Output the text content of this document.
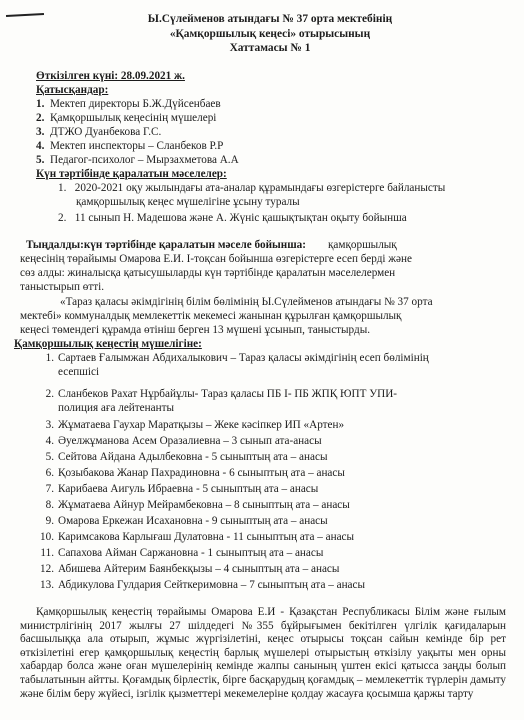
Ы.Сүлейменов атындағы № 37 орта мектебінің
«Қамқоршылық кеңесі» отырысының
Хаттамасы № 1
Өткізілген күні: 28.09.2021 ж.
Қатысқандар:
1. Мектеп директоры Б.Ж.Дүйсенбаев
2. Қамқоршылық кеңесінің мүшелері
3. ДТЖО Дуанбекова Г.С.
4. Мектеп инспекторы – Сланбеков Р.Р
5. Педагог-психолог – Мырзахметова А.А
Күн тәртібінде қаралатын мәселелер:
1. 2020-2021 оқу жылындағы ата-аналар құрамындағы өзгерістерге байланысты
қамқоршылық кеңес мүшелігіне ұсыну туралы
2. 11 сынып Н. Мадешова және А. Жүніс қашықтықтан оқыту бойынша
Тыңдалды:күн тәртібінде қаралатын мәселе бойынша: қамқоршылық
кеңесінің төрайымы Омарова Е.И. І-тоқсан бойынша өзгерістерге есеп берді және
сөз алды: жиналысқа қатысушыларды күн тәртібінде қаралатын мәселелермен
таныстырып өтті.
«Тараз қаласы әкімдігінің білім бөлімінің Ы.Сүлейменов атындағы № 37 орта
мектебі» коммуналдық мемлекеттік мекемесі жанынан құрылған қамқоршылық
кеңесі төмендегі құрамда өтініш берген 13 мүшені ұсынып, таныстырды.
Қамқоршылық кеңестің мүшелігіне:
1. Сартаев Ғалымжан Абдихалыкович – Тараз қаласы әкімдігінің есеп бөлімінің
есепшісі
2. Сланбеков Рахат Нұрбайұлы- Тараз қаласы ПБ І- ПБ ЖПҚ ЮПТ УПИ-
полиция аға лейтенанты
3. Жұматаева Гаухар Маратқызы – Жеке кәсіпкер ИП «Артен»
4. Әуелжұманова Асем Оразалиевна – 3 сынып ата-анасы
5. Сейтова Айдана Адылбековна - 5 сыныптың ата – анасы
6. Қозыбакова Жанар Пахрадиновна - 6 сыныптың ата – анасы
7. Карибаева Аигуль Ибраевна - 5 сыныптың ата – анасы
8. Жұматаева Айнур Мейрамбековна – 8 сыныптың ата – анасы
9. Омарова Еркежан Исахановна - 9 сыныптың ата – анасы
10. Каримсакова Карлығаш Дулатовна - 11 сыныптың ата – анасы
11. Сапахова Айман Саржановна - 1 сыныптың ата – анасы
12. Абишева Айтерим Баянбекқызы – 4 сыныптың ата – анасы
13. Абдикулова Гулдария Сейткеримовна – 7 сыныптың ата – анасы
Қамқоршылық кеңестің төрайымы Омарова Е.И - Қазақстан Республикасы Білім және ғылым министрлігінің 2017 жылғы 27 шілдедегі №355 бұйрығымен бекітілген үлгілік қағидаларын басшылыққа ала отырып, жұмыс жүргізілетіні, кеңес отырысы тоқсан сайын кемінде бір рет өткізілетіні егер қамқоршылық кеңестің барлық мүшелері отырыстың өткізілу уақыты мен орны хабардар болса және оған мүшелерінің кемінде жалпы санының үштен екісі қатысса заңды болып табылатынын айтты. Қоғамдық бірлестік, бірге басқарудың қоғамдық – мемлекеттік түрлерін дамыту және білім беру жүйесі, ізгілік қызметтері мекемелеріне қолдау жасауға қосымша қаржы тарту
